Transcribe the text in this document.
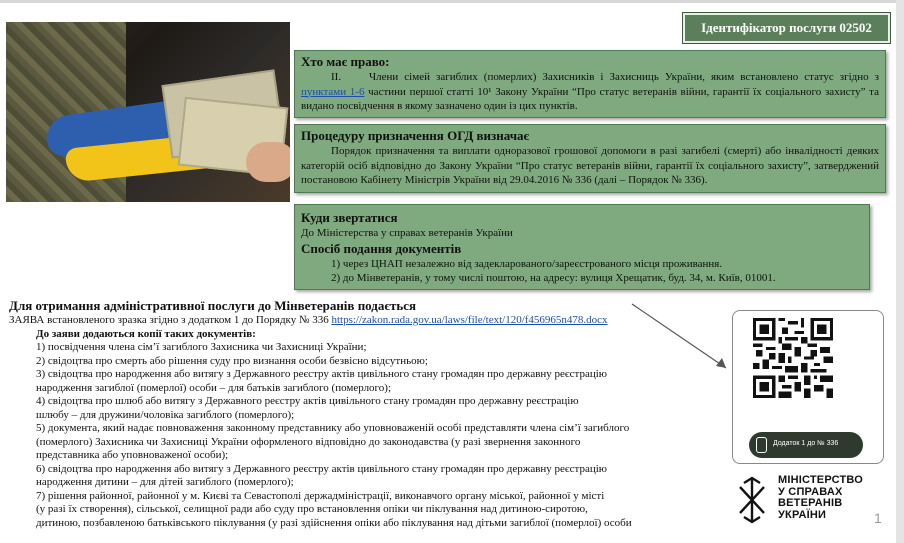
Ідентифікатор послуги 02502
Хто має право:
II.	Члени сімей загиблих (померлих) Захисників і Захисниць України, яким встановлено статус згідно з пунктами 1-6 частини першої статті 10¹ Закону України “Про статус ветеранів війни, гарантії їх соціального захисту” та видано посвідчення в якому зазначено один із цих пунктів.
Процедуру призначення ОГД визначає
Порядок призначення та виплати одноразової грошової допомоги в разі загибелі (смерті) або інвалідності деяких категорій осіб відповідно до Закону України “Про статус ветеранів війни, гарантії їх соціального захисту”, затверджений постановою Кабінету Міністрів України від 29.04.2016 № 336 (далі – Порядок № 336).
Куди звертатися
До Міністерства у справах ветеранів України
Спосіб подання документів
1) через ЦНАП незалежно від задекларованого/зареєстрованого місця проживання.
2) до Мінветеранів, у тому числі поштою, на адресу: вулиця Хрещатик, буд. 34, м. Київ, 01001.
Для отримання адміністративної послуги до Мінветеранів подається
ЗАЯВА встановленого зразка згідно з додатком 1 до Порядку № 336 https://zakon.rada.gov.ua/laws/file/text/120/f456965n478.docx
До заяви додаються копії таких документів:
1) посвідчення члена сім’ї загиблого Захисника чи Захисниці України;
2) свідоцтва про смерть або рішення суду про визнання особи безвісно відсутньою;
3) свідоцтва про народження або витягу з Державного реєстру актів цивільного стану громадян про державну реєстрацію
народження загиблої (померлої) особи – для батьків загиблого (померлого);
4) свідоцтва про шлюб або витягу з Державного реєстру актів цивільного стану громадян про державну реєстрацію
шлюбу – для дружини/чоловіка загиблого (померлого);
5) документа, який надає повноваження законному представнику або уповноваженій особі представляти члена сім’ї загиблого
(померлого) Захисника чи Захисниці України оформленого відповідно до законодавства (у разі звернення законного
представника або уповноваженої особи);
6) свідоцтва про народження або витягу з Державного реєстру актів цивільного стану громадян про державну реєстрацію
народження дитини – для дітей загиблого (померлого);
7) рішення районної, районної у м. Києві та Севастополі держадміністрації, виконавчого органу міської, районної у місті
(у разі їх створення), сільської, селищної ради або суду про встановлення опіки чи піклування над дитиною-сиротою,
дитиною, позбавленою батьківського піклування (у разі здійснення опіки або піклування над дітьми загиблої (померлої) особи
Додаток 1 до № 336
МІНІСТЕРСТВО
У СПРАВАХ
ВЕТЕРАНІВ
УКРАЇНИ	1
